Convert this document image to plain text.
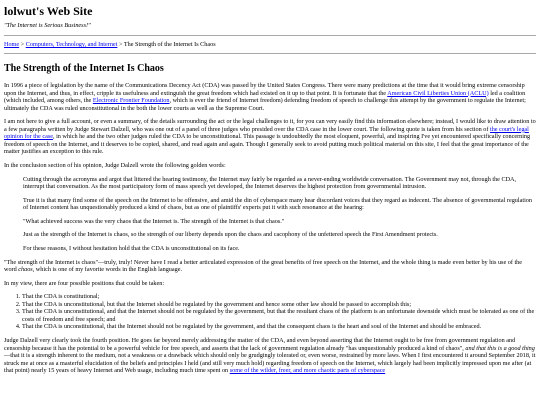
lolwut's Web Site
"The Internet is Serious Business!"
Home > Computers, Technology, and Internet > The Strength of the Internet Is Chaos
The Strength of the Internet Is Chaos

In 1996 a piece of legislation by the name of the Communications Decency Act (CDA) was passed by the United States Congress. There were many predictions at the time that it would bring extreme censorship upon the Internet, and thus, in effect, cripple its usefulness and extinguish the great freedom which had existed on it up to that point. It is fortunate that the American Civil Liberties Union (ACLU) led a coalition (which included, among others, the Electronic Frontier Foundation, which is ever the friend of Internet freedom) defending freedom of speech to challenge this attempt by the government to regulate the Internet; ultimately the CDA was ruled unconstitutional in the both the lower courts as well as the Supreme Court.

I am not here to give a full account, or even a summary, of the details surrounding the act or the legal challenges to it, for you can very easily find this information elsewhere; instead, I would like to draw attention to a few paragraphs written by Judge Stewart Dalzell, who was one out of a panel of three judges who presided over the CDA case in the lower court. The following quote is taken from his section of the court's legal opinion for the case, in which he and the two other judges ruled the CDA to be unconstitutional. This passage is undoubtedly the most eloquent, powerful, and inspiring I've yet encountered specifically concerning freedom of speech on the Internet, and it deserves to be copied, shared, and read again and again. Though I generally seek to avoid putting much political material on this site, I feel that the great importance of the matter justifies an exception to this rule.

In the conclusion section of his opinion, Judge Dalzell wrote the following golden words:

Cutting through the acronyms and argot that littered the hearing testimony, the Internet may fairly be regarded as a never-ending worldwide conversation. The Government may not, through the CDA, interrupt that conversation. As the most participatory form of mass speech yet developed, the Internet deserves the highest protection from governmental intrusion.

True it is that many find some of the speech on the Internet to be offensive, and amid the din of cyberspace many hear discordant voices that they regard as indecent. The absence of governmental regulation of Internet content has unquestionably produced a kind of chaos, but as one of plaintiffs' experts put it with such resonance at the hearing:

"What achieved success was the very chaos that the Internet is. The strength of the Internet is that chaos."

Just as the strength of the Internet is chaos, so the strength of our liberty depends upon the chaos and cacophony of the unfettered speech the First Amendment protects.

For these reasons, I without hesitation hold that the CDA is unconstitutional on its face.

"The strength of the Internet is chaos"—truly, truly! Never have I read a better articulated expression of the great benefits of free speech on the Internet, and the whole thing is made even better by his use of the word chaos, which is one of my favorite words in the English language.

In my view, there are four possible positions that could be taken:

1. That the CDA is constitutional;
2. That the CDA is unconstitutional, but that the Internet should be regulated by the government and hence some other law should be passed to accomplish this;
3. That the CDA is unconstitutional, and that the Internet should not be regulated by the government, but that the resultant chaos of the platform is an unfortunate downside which must be tolerated as one of the costs of freedom and free speech; and
4. That the CDA is unconstitutional, that the Internet should not be regulated by the government, and that the consequent chaos is the heart and soul of the Internet and should be embraced.

Judge Dalzell very clearly took the fourth position. He goes far beyond merely addressing the matter of the CDA, and even beyond asserting that the Internet ought to be free from government regulation and censorship because it has the potential to be a powerful vehicle for free speech, and asserts that the lack of government regulation already "has unquestionably produced a kind of chaos", and that this is a good thing—that it is a strength inherent to the medium, not a weakness or a drawback which should only be grudgingly tolerated or, even worse, restrained by more laws. When I first encountered it around September 2018, it struck me at once as a masterful elucidation of the beliefs and principles I held (and still very much hold) regarding freedom of speech on the Internet, which largely had been implicitly impressed upon me after (at that point) nearly 15 years of heavy Internet and Web usage, including much time spent on some of the wilder, freer, and more chaotic parts of cyberspace
